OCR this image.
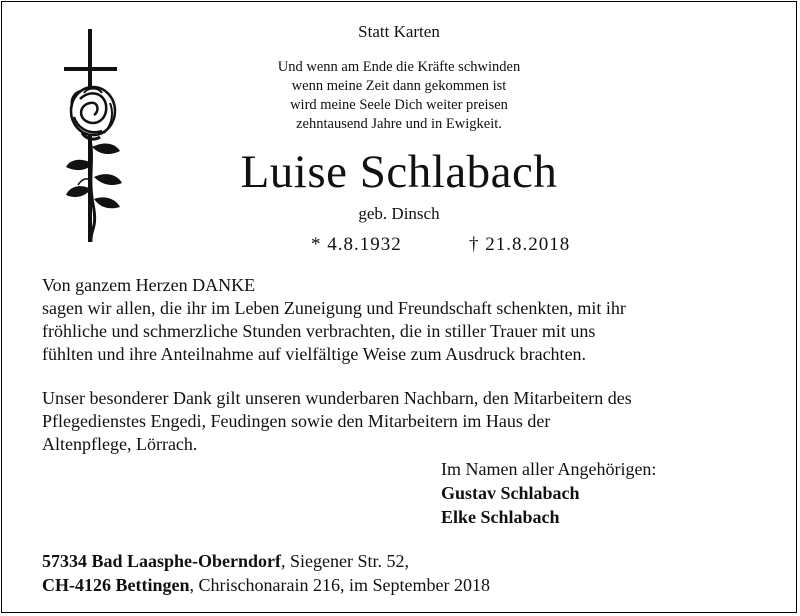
Statt Karten
Und wenn am Ende die Kräfte schwinden
wenn meine Zeit dann gekommen ist
wird meine Seele Dich weiter preisen
zehntausend Jahre und in Ewigkeit.
Luise Schlabach
geb. Dinsch
* 4.8.1932	† 21.8.2018
Von ganzem Herzen DANKE
sagen wir allen, die ihr im Leben Zuneigung und Freundschaft schenkten, mit ihr
fröhliche und schmerzliche Stunden verbrachten, die in stiller Trauer mit uns
fühlten und ihre Anteilnahme auf vielfältige Weise zum Ausdruck brachten.
Unser besonderer Dank gilt unseren wunderbaren Nachbarn, den Mitarbeitern des
Pflegedienstes Engedi, Feudingen sowie den Mitarbeitern im Haus der
Altenpflege, Lörrach.
Im Namen aller Angehörigen:
Gustav Schlabach
Elke Schlabach
57334 Bad Laasphe-Oberndorf, Siegener Str. 52,
CH-4126 Bettingen, Chrischonarain 216, im September 2018
